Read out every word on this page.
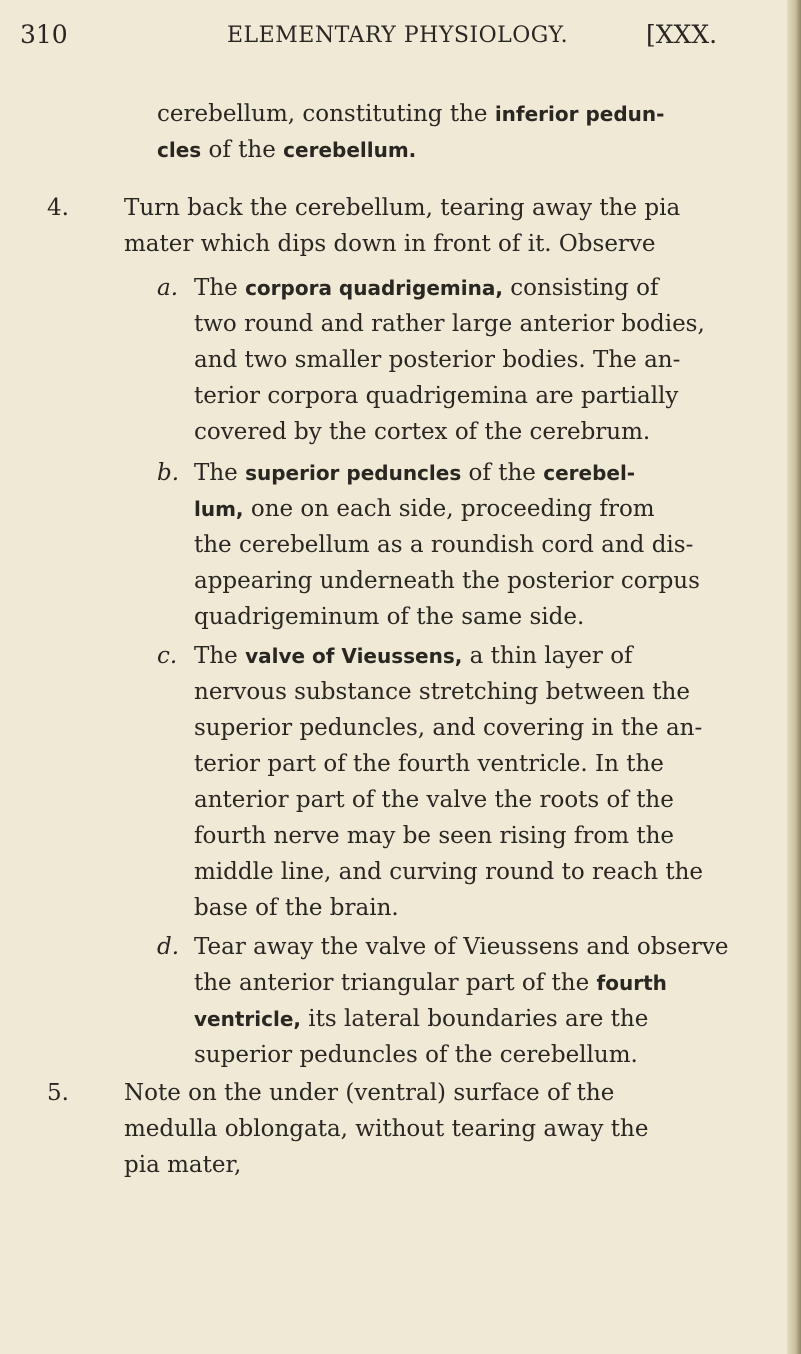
310	ELEMENTARY PHYSIOLOGY.	[XXX.
cerebellum, constituting the inferior pedun-
cles of the cerebellum.
4. Turn back the cerebellum, tearing away the pia
mater which dips down in front of it. Observe
a. The corpora quadrigemina, consisting of
two round and rather large anterior bodies,
and two smaller posterior bodies. The an-
terior corpora quadrigemina are partially
covered by the cortex of the cerebrum.
b. The superior peduncles of the cerebel-
lum, one on each side, proceeding from
the cerebellum as a roundish cord and dis-
appearing underneath the posterior corpus
quadrigeminum of the same side.
c. The valve of Vieussens, a thin layer of
nervous substance stretching between the
superior peduncles, and covering in the an-
terior part of the fourth ventricle. In the
anterior part of the valve the roots of the
fourth nerve may be seen rising from the
middle line, and curving round to reach the
base of the brain.
d. Tear away the valve of Vieussens and observe
the anterior triangular part of the fourth
ventricle, its lateral boundaries are the
superior peduncles of the cerebellum.
5. Note on the under (ventral) surface of the
medulla oblongata, without tearing away the
pia mater,
